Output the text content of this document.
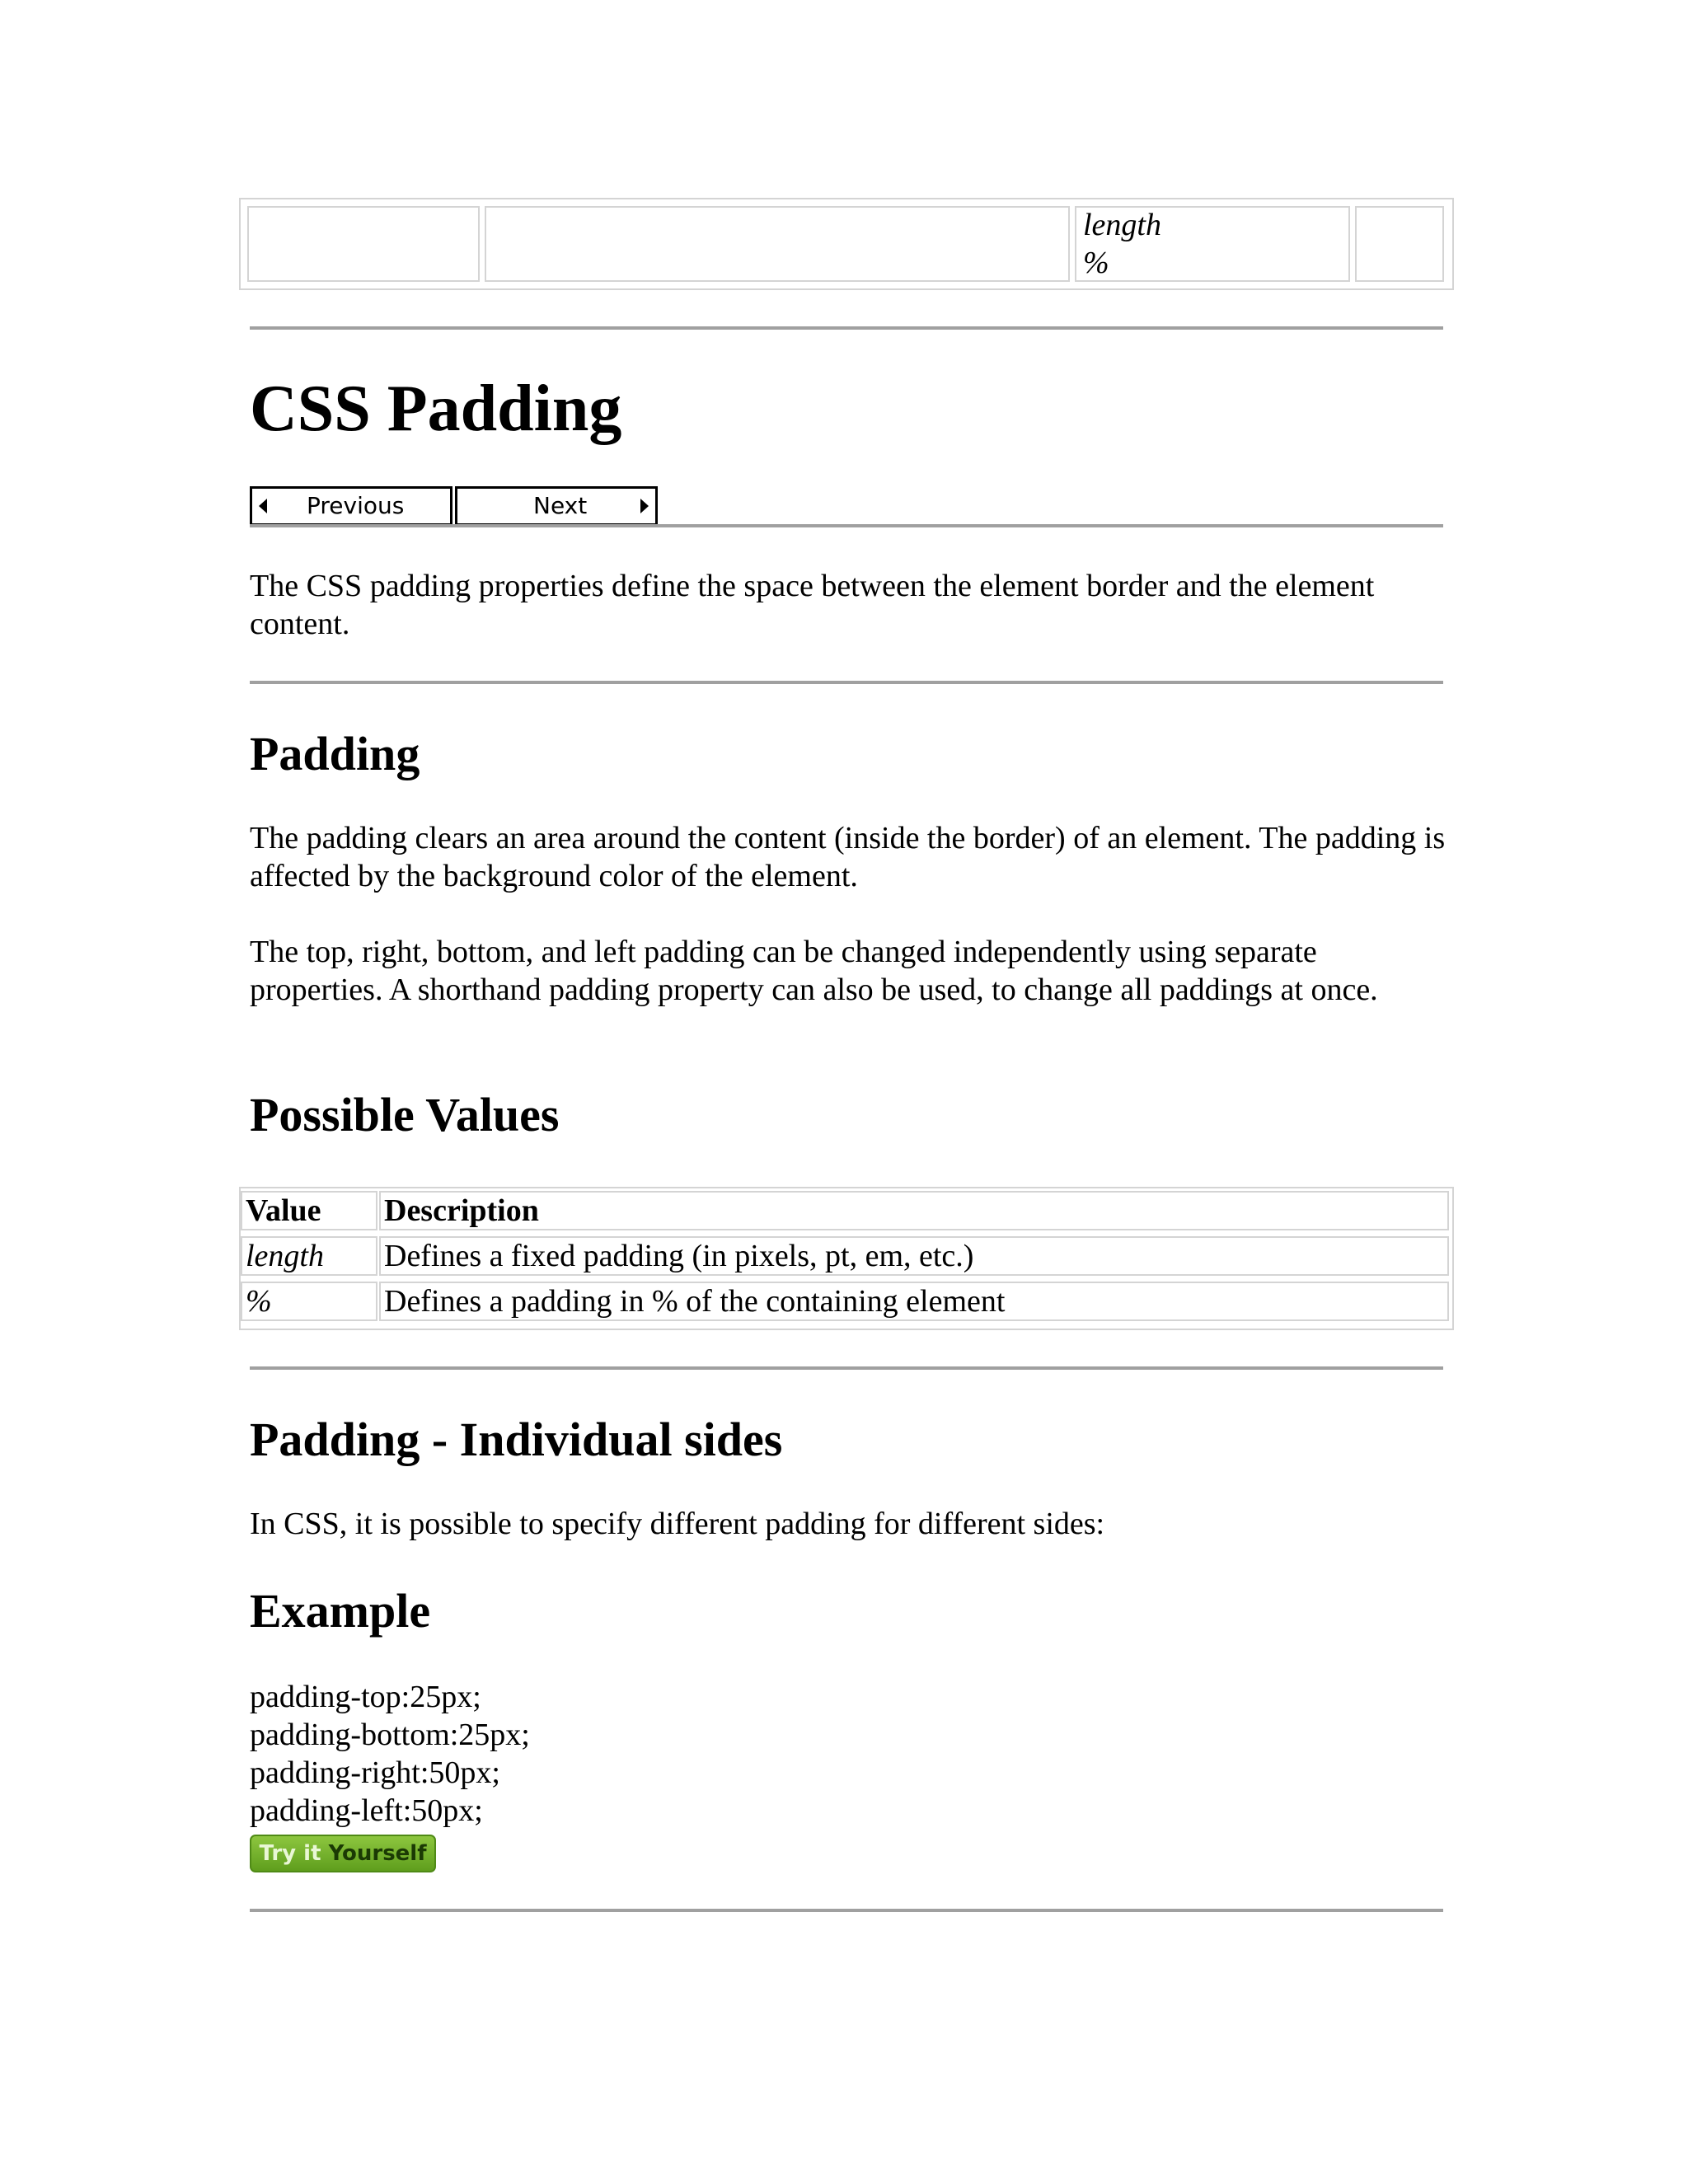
length
%
CSS Padding
Previous	Next

The CSS padding properties define the space between the element border and the element content.

Padding

The padding clears an area around the content (inside the border) of an element. The padding is affected by the background color of the element.

The top, right, bottom, and left padding can be changed independently using separate properties. A shorthand padding property can also be used, to change all paddings at once.

Possible Values
Value	Description
length	Defines a fixed padding (in pixels, pt, em, etc.)
%	Defines a padding in % of the containing element
Padding - Individual sides

In CSS, it is possible to specify different padding for different sides:

Example
padding-top:25px;
padding-bottom:25px;
padding-right:50px;
padding-left:50px;
Try it Yourself
